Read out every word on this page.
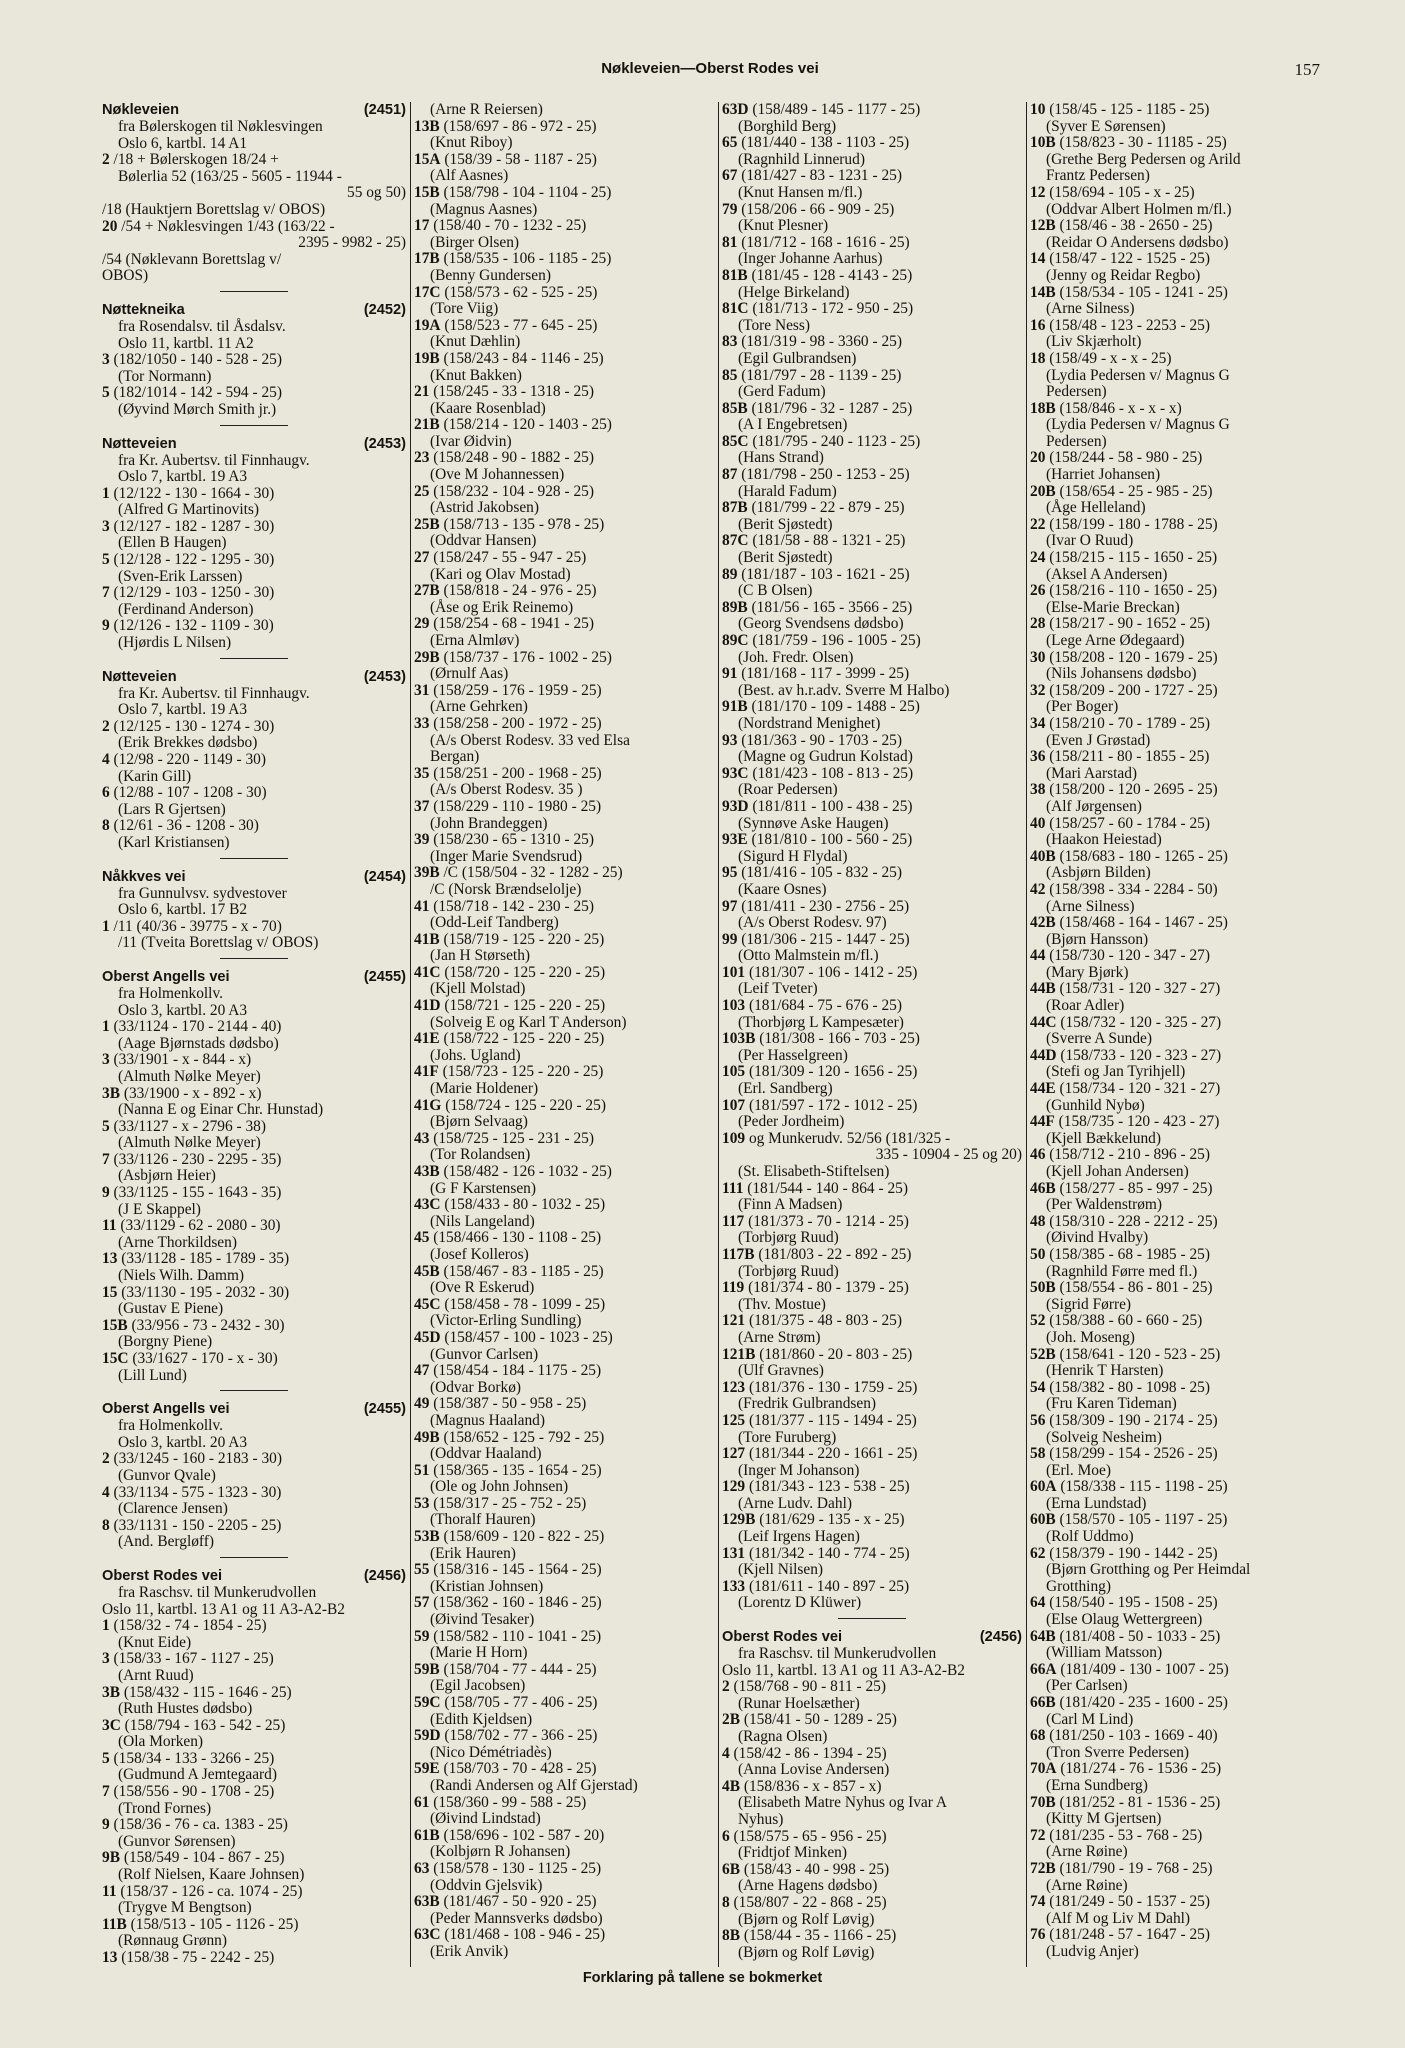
Nøkleveien—Oberst Rodes vei	157
Nøkleveien	(2451)
fra Bølerskogen til Nøklesvingen
Oslo 6, kartbl. 14 A1
2 /18 + Bølerskogen 18/24 +
Bølerlia 52 (163/25 - 5605 - 11944 -
55 og 50)
/18 (Hauktjern Borettslag v/ OBOS)
20 /54 + Nøklesvingen 1/43 (163/22 -
2395 - 9982 - 25)
/54 (Nøklevann Borettslag v/
OBOS)
Nøttekneika	(2452)
fra Rosendalsv. til Åsdalsv.
Oslo 11, kartbl. 11 A2
3 (182/1050 - 140 - 528 - 25)
(Tor Normann)
5 (182/1014 - 142 - 594 - 25)
(Øyvind Mørch Smith jr.)
Nøtteveien	(2453)
fra Kr. Aubertsv. til Finnhaugv.
Oslo 7, kartbl. 19 A3
1 (12/122 - 130 - 1664 - 30)
(Alfred G Martinovits)
3 (12/127 - 182 - 1287 - 30)
(Ellen B Haugen)
5 (12/128 - 122 - 1295 - 30)
(Sven-Erik Larssen)
7 (12/129 - 103 - 1250 - 30)
(Ferdinand Anderson)
9 (12/126 - 132 - 1109 - 30)
(Hjørdis L Nilsen)
Nøtteveien	(2453)
fra Kr. Aubertsv. til Finnhaugv.
Oslo 7, kartbl. 19 A3
2 (12/125 - 130 - 1274 - 30)
(Erik Brekkes dødsbo)
4 (12/98 - 220 - 1149 - 30)
(Karin Gill)
6 (12/88 - 107 - 1208 - 30)
(Lars R Gjertsen)
8 (12/61 - 36 - 1208 - 30)
(Karl Kristiansen)
Nåkkves vei	(2454)
fra Gunnulvsv. sydvestover
Oslo 6, kartbl. 17 B2
1 /11 (40/36 - 39775 - x - 70)
/11 (Tveita Borettslag v/ OBOS)
Oberst Angells vei	(2455)
fra Holmenkollv.
Oslo 3, kartbl. 20 A3
1 (33/1124 - 170 - 2144 - 40)
(Aage Bjørnstads dødsbo)
3 (33/1901 - x - 844 - x)
(Almuth Nølke Meyer)
3B (33/1900 - x - 892 - x)
(Nanna E og Einar Chr. Hunstad)
5 (33/1127 - x - 2796 - 38)
(Almuth Nølke Meyer)
7 (33/1126 - 230 - 2295 - 35)
(Asbjørn Heier)
9 (33/1125 - 155 - 1643 - 35)
(J E Skappel)
11 (33/1129 - 62 - 2080 - 30)
(Arne Thorkildsen)
13 (33/1128 - 185 - 1789 - 35)
(Niels Wilh. Damm)
15 (33/1130 - 195 - 2032 - 30)
(Gustav E Piene)
15B (33/956 - 73 - 2432 - 30)
(Borgny Piene)
15C (33/1627 - 170 - x - 30)
(Lill Lund)
Oberst Angells vei	(2455)
fra Holmenkollv.
Oslo 3, kartbl. 20 A3
2 (33/1245 - 160 - 2183 - 30)
(Gunvor Qvale)
4 (33/1134 - 575 - 1323 - 30)
(Clarence Jensen)
8 (33/1131 - 150 - 2205 - 25)
(And. Bergløff)
Oberst Rodes vei	(2456)
fra Raschsv. til Munkerudvollen
Oslo 11, kartbl. 13 A1 og 11 A3-A2-B2
1 (158/32 - 74 - 1854 - 25)
(Knut Eide)
3 (158/33 - 167 - 1127 - 25)
(Arnt Ruud)
3B (158/432 - 115 - 1646 - 25)
(Ruth Hustes dødsbo)
3C (158/794 - 163 - 542 - 25)
(Ola Morken)
5 (158/34 - 133 - 3266 - 25)
(Gudmund A Jemtegaard)
7 (158/556 - 90 - 1708 - 25)
(Trond Fornes)
9 (158/36 - 76 - ca. 1383 - 25)
(Gunvor Sørensen)
9B (158/549 - 104 - 867 - 25)
(Rolf Nielsen, Kaare Johnsen)
11 (158/37 - 126 - ca. 1074 - 25)
(Trygve M Bengtson)
11B (158/513 - 105 - 1126 - 25)
(Rønnaug Grønn)
13 (158/38 - 75 - 2242 - 25)
(Arne R Reiersen)
13B (158/697 - 86 - 972 - 25)
(Knut Riboy)
15A (158/39 - 58 - 1187 - 25)
(Alf Aasnes)
15B (158/798 - 104 - 1104 - 25)
(Magnus Aasnes)
17 (158/40 - 70 - 1232 - 25)
(Birger Olsen)
17B (158/535 - 106 - 1185 - 25)
(Benny Gundersen)
17C (158/573 - 62 - 525 - 25)
(Tore Viig)
19A (158/523 - 77 - 645 - 25)
(Knut Dæhlin)
19B (158/243 - 84 - 1146 - 25)
(Knut Bakken)
21 (158/245 - 33 - 1318 - 25)
(Kaare Rosenblad)
21B (158/214 - 120 - 1403 - 25)
(Ivar Øidvin)
23 (158/248 - 90 - 1882 - 25)
(Ove M Johannessen)
25 (158/232 - 104 - 928 - 25)
(Astrid Jakobsen)
25B (158/713 - 135 - 978 - 25)
(Oddvar Hansen)
27 (158/247 - 55 - 947 - 25)
(Kari og Olav Mostad)
27B (158/818 - 24 - 976 - 25)
(Åse og Erik Reinemo)
29 (158/254 - 68 - 1941 - 25)
(Erna Almløv)
29B (158/737 - 176 - 1002 - 25)
(Ørnulf Aas)
31 (158/259 - 176 - 1959 - 25)
(Arne Gehrken)
33 (158/258 - 200 - 1972 - 25)
(A/s Oberst Rodesv. 33 ved Elsa
Bergan)
35 (158/251 - 200 - 1968 - 25)
(A/s Oberst Rodesv. 35 )
37 (158/229 - 110 - 1980 - 25)
(John Brandeggen)
39 (158/230 - 65 - 1310 - 25)
(Inger Marie Svendsrud)
39B /C (158/504 - 32 - 1282 - 25)
/C (Norsk Brændselolje)
41 (158/718 - 142 - 230 - 25)
(Odd-Leif Tandberg)
41B (158/719 - 125 - 220 - 25)
(Jan H Størseth)
41C (158/720 - 125 - 220 - 25)
(Kjell Molstad)
41D (158/721 - 125 - 220 - 25)
(Solveig E og Karl T Anderson)
41E (158/722 - 125 - 220 - 25)
(Johs. Ugland)
41F (158/723 - 125 - 220 - 25)
(Marie Holdener)
41G (158/724 - 125 - 220 - 25)
(Bjørn Selvaag)
43 (158/725 - 125 - 231 - 25)
(Tor Rolandsen)
43B (158/482 - 126 - 1032 - 25)
(G F Karstensen)
43C (158/433 - 80 - 1032 - 25)
(Nils Langeland)
45 (158/466 - 130 - 1108 - 25)
(Josef Kolleros)
45B (158/467 - 83 - 1185 - 25)
(Ove R Eskerud)
45C (158/458 - 78 - 1099 - 25)
(Victor-Erling Sundling)
45D (158/457 - 100 - 1023 - 25)
(Gunvor Carlsen)
47 (158/454 - 184 - 1175 - 25)
(Odvar Borkø)
49 (158/387 - 50 - 958 - 25)
(Magnus Haaland)
49B (158/652 - 125 - 792 - 25)
(Oddvar Haaland)
51 (158/365 - 135 - 1654 - 25)
(Ole og John Johnsen)
53 (158/317 - 25 - 752 - 25)
(Thoralf Hauren)
53B (158/609 - 120 - 822 - 25)
(Erik Hauren)
55 (158/316 - 145 - 1564 - 25)
(Kristian Johnsen)
57 (158/362 - 160 - 1846 - 25)
(Øivind Tesaker)
59 (158/582 - 110 - 1041 - 25)
(Marie H Horn)
59B (158/704 - 77 - 444 - 25)
(Egil Jacobsen)
59C (158/705 - 77 - 406 - 25)
(Edith Kjeldsen)
59D (158/702 - 77 - 366 - 25)
(Nico Démétriadès)
59E (158/703 - 70 - 428 - 25)
(Randi Andersen og Alf Gjerstad)
61 (158/360 - 99 - 588 - 25)
(Øivind Lindstad)
61B (158/696 - 102 - 587 - 20)
(Kolbjørn R Johansen)
63 (158/578 - 130 - 1125 - 25)
(Oddvin Gjelsvik)
63B (181/467 - 50 - 920 - 25)
(Peder Mannsverks dødsbo)
63C (181/468 - 108 - 946 - 25)
(Erik Anvik)
63D (158/489 - 145 - 1177 - 25)
(Borghild Berg)
65 (181/440 - 138 - 1103 - 25)
(Ragnhild Linnerud)
67 (181/427 - 83 - 1231 - 25)
(Knut Hansen m/fl.)
79 (158/206 - 66 - 909 - 25)
(Knut Plesner)
81 (181/712 - 168 - 1616 - 25)
(Inger Johanne Aarhus)
81B (181/45 - 128 - 4143 - 25)
(Helge Birkeland)
81C (181/713 - 172 - 950 - 25)
(Tore Ness)
83 (181/319 - 98 - 3360 - 25)
(Egil Gulbrandsen)
85 (181/797 - 28 - 1139 - 25)
(Gerd Fadum)
85B (181/796 - 32 - 1287 - 25)
(A I Engebretsen)
85C (181/795 - 240 - 1123 - 25)
(Hans Strand)
87 (181/798 - 250 - 1253 - 25)
(Harald Fadum)
87B (181/799 - 22 - 879 - 25)
(Berit Sjøstedt)
87C (181/58 - 88 - 1321 - 25)
(Berit Sjøstedt)
89 (181/187 - 103 - 1621 - 25)
(C B Olsen)
89B (181/56 - 165 - 3566 - 25)
(Georg Svendsens dødsbo)
89C (181/759 - 196 - 1005 - 25)
(Joh. Fredr. Olsen)
91 (181/168 - 117 - 3999 - 25)
(Best. av h.r.adv. Sverre M Halbo)
91B (181/170 - 109 - 1488 - 25)
(Nordstrand Menighet)
93 (181/363 - 90 - 1703 - 25)
(Magne og Gudrun Kolstad)
93C (181/423 - 108 - 813 - 25)
(Roar Pedersen)
93D (181/811 - 100 - 438 - 25)
(Synnøve Aske Haugen)
93E (181/810 - 100 - 560 - 25)
(Sigurd H Flydal)
95 (181/416 - 105 - 832 - 25)
(Kaare Osnes)
97 (181/411 - 230 - 2756 - 25)
(A/s Oberst Rodesv. 97)
99 (181/306 - 215 - 1447 - 25)
(Otto Malmstein m/fl.)
101 (181/307 - 106 - 1412 - 25)
(Leif Tveter)
103 (181/684 - 75 - 676 - 25)
(Thorbjørg L Kampesæter)
103B (181/308 - 166 - 703 - 25)
(Per Hasselgreen)
105 (181/309 - 120 - 1656 - 25)
(Erl. Sandberg)
107 (181/597 - 172 - 1012 - 25)
(Peder Jordheim)
109 og Munkerudv. 52/56 (181/325 -
335 - 10904 - 25 og 20)
(St. Elisabeth-Stiftelsen)
111 (181/544 - 140 - 864 - 25)
(Finn A Madsen)
117 (181/373 - 70 - 1214 - 25)
(Torbjørg Ruud)
117B (181/803 - 22 - 892 - 25)
(Torbjørg Ruud)
119 (181/374 - 80 - 1379 - 25)
(Thv. Mostue)
121 (181/375 - 48 - 803 - 25)
(Arne Strøm)
121B (181/860 - 20 - 803 - 25)
(Ulf Gravnes)
123 (181/376 - 130 - 1759 - 25)
(Fredrik Gulbrandsen)
125 (181/377 - 115 - 1494 - 25)
(Tore Furuberg)
127 (181/344 - 220 - 1661 - 25)
(Inger M Johanson)
129 (181/343 - 123 - 538 - 25)
(Arne Ludv. Dahl)
129B (181/629 - 135 - x - 25)
(Leif Irgens Hagen)
131 (181/342 - 140 - 774 - 25)
(Kjell Nilsen)
133 (181/611 - 140 - 897 - 25)
(Lorentz D Klüwer)
Oberst Rodes vei	(2456)
fra Raschsv. til Munkerudvollen
Oslo 11, kartbl. 13 A1 og 11 A3-A2-B2
2 (158/768 - 90 - 811 - 25)
(Runar Hoelsæther)
2B (158/41 - 50 - 1289 - 25)
(Ragna Olsen)
4 (158/42 - 86 - 1394 - 25)
(Anna Lovise Andersen)
4B (158/836 - x - 857 - x)
(Elisabeth Matre Nyhus og Ivar A
Nyhus)
6 (158/575 - 65 - 956 - 25)
(Fridtjof Minken)
6B (158/43 - 40 - 998 - 25)
(Arne Hagens dødsbo)
8 (158/807 - 22 - 868 - 25)
(Bjørn og Rolf Løvig)
8B (158/44 - 35 - 1166 - 25)
(Bjørn og Rolf Løvig)
10 (158/45 - 125 - 1185 - 25)
(Syver E Sørensen)
10B (158/823 - 30 - 11185 - 25)
(Grethe Berg Pedersen og Arild
Frantz Pedersen)
12 (158/694 - 105 - x - 25)
(Oddvar Albert Holmen m/fl.)
12B (158/46 - 38 - 2650 - 25)
(Reidar O Andersens dødsbo)
14 (158/47 - 122 - 1525 - 25)
(Jenny og Reidar Regbo)
14B (158/534 - 105 - 1241 - 25)
(Arne Silness)
16 (158/48 - 123 - 2253 - 25)
(Liv Skjærholt)
18 (158/49 - x - x - 25)
(Lydia Pedersen v/ Magnus G
Pedersen)
18B (158/846 - x - x - x)
(Lydia Pedersen v/ Magnus G
Pedersen)
20 (158/244 - 58 - 980 - 25)
(Harriet Johansen)
20B (158/654 - 25 - 985 - 25)
(Åge Helleland)
22 (158/199 - 180 - 1788 - 25)
(Ivar O Ruud)
24 (158/215 - 115 - 1650 - 25)
(Aksel A Andersen)
26 (158/216 - 110 - 1650 - 25)
(Else-Marie Breckan)
28 (158/217 - 90 - 1652 - 25)
(Lege Arne Ødegaard)
30 (158/208 - 120 - 1679 - 25)
(Nils Johansens dødsbo)
32 (158/209 - 200 - 1727 - 25)
(Per Boger)
34 (158/210 - 70 - 1789 - 25)
(Even J Grøstad)
36 (158/211 - 80 - 1855 - 25)
(Mari Aarstad)
38 (158/200 - 120 - 2695 - 25)
(Alf Jørgensen)
40 (158/257 - 60 - 1784 - 25)
(Haakon Heiestad)
40B (158/683 - 180 - 1265 - 25)
(Asbjørn Bilden)
42 (158/398 - 334 - 2284 - 50)
(Arne Silness)
42B (158/468 - 164 - 1467 - 25)
(Bjørn Hansson)
44 (158/730 - 120 - 347 - 27)
(Mary Bjørk)
44B (158/731 - 120 - 327 - 27)
(Roar Adler)
44C (158/732 - 120 - 325 - 27)
(Sverre A Sunde)
44D (158/733 - 120 - 323 - 27)
(Stefi og Jan Tyrihjell)
44E (158/734 - 120 - 321 - 27)
(Gunhild Nybø)
44F (158/735 - 120 - 423 - 27)
(Kjell Bækkelund)
46 (158/712 - 210 - 896 - 25)
(Kjell Johan Andersen)
46B (158/277 - 85 - 997 - 25)
(Per Waldenstrøm)
48 (158/310 - 228 - 2212 - 25)
(Øivind Hvalby)
50 (158/385 - 68 - 1985 - 25)
(Ragnhild Førre med fl.)
50B (158/554 - 86 - 801 - 25)
(Sigrid Førre)
52 (158/388 - 60 - 660 - 25)
(Joh. Moseng)
52B (158/641 - 120 - 523 - 25)
(Henrik T Harsten)
54 (158/382 - 80 - 1098 - 25)
(Fru Karen Tideman)
56 (158/309 - 190 - 2174 - 25)
(Solveig Nesheim)
58 (158/299 - 154 - 2526 - 25)
(Erl. Moe)
60A (158/338 - 115 - 1198 - 25)
(Erna Lundstad)
60B (158/570 - 105 - 1197 - 25)
(Rolf Uddmo)
62 (158/379 - 190 - 1442 - 25)
(Bjørn Grotthing og Per Heimdal
Grotthing)
64 (158/540 - 195 - 1508 - 25)
(Else Olaug Wettergreen)
64B (181/408 - 50 - 1033 - 25)
(William Matsson)
66A (181/409 - 130 - 1007 - 25)
(Per Carlsen)
66B (181/420 - 235 - 1600 - 25)
(Carl M Lind)
68 (181/250 - 103 - 1669 - 40)
(Tron Sverre Pedersen)
70A (181/274 - 76 - 1536 - 25)
(Erna Sundberg)
70B (181/252 - 81 - 1536 - 25)
(Kitty M Gjertsen)
72 (181/235 - 53 - 768 - 25)
(Arne Røine)
72B (181/790 - 19 - 768 - 25)
(Arne Røine)
74 (181/249 - 50 - 1537 - 25)
(Alf M og Liv M Dahl)
76 (181/248 - 57 - 1647 - 25)
(Ludvig Anjer)
Forklaring på tallene se bokmerket
